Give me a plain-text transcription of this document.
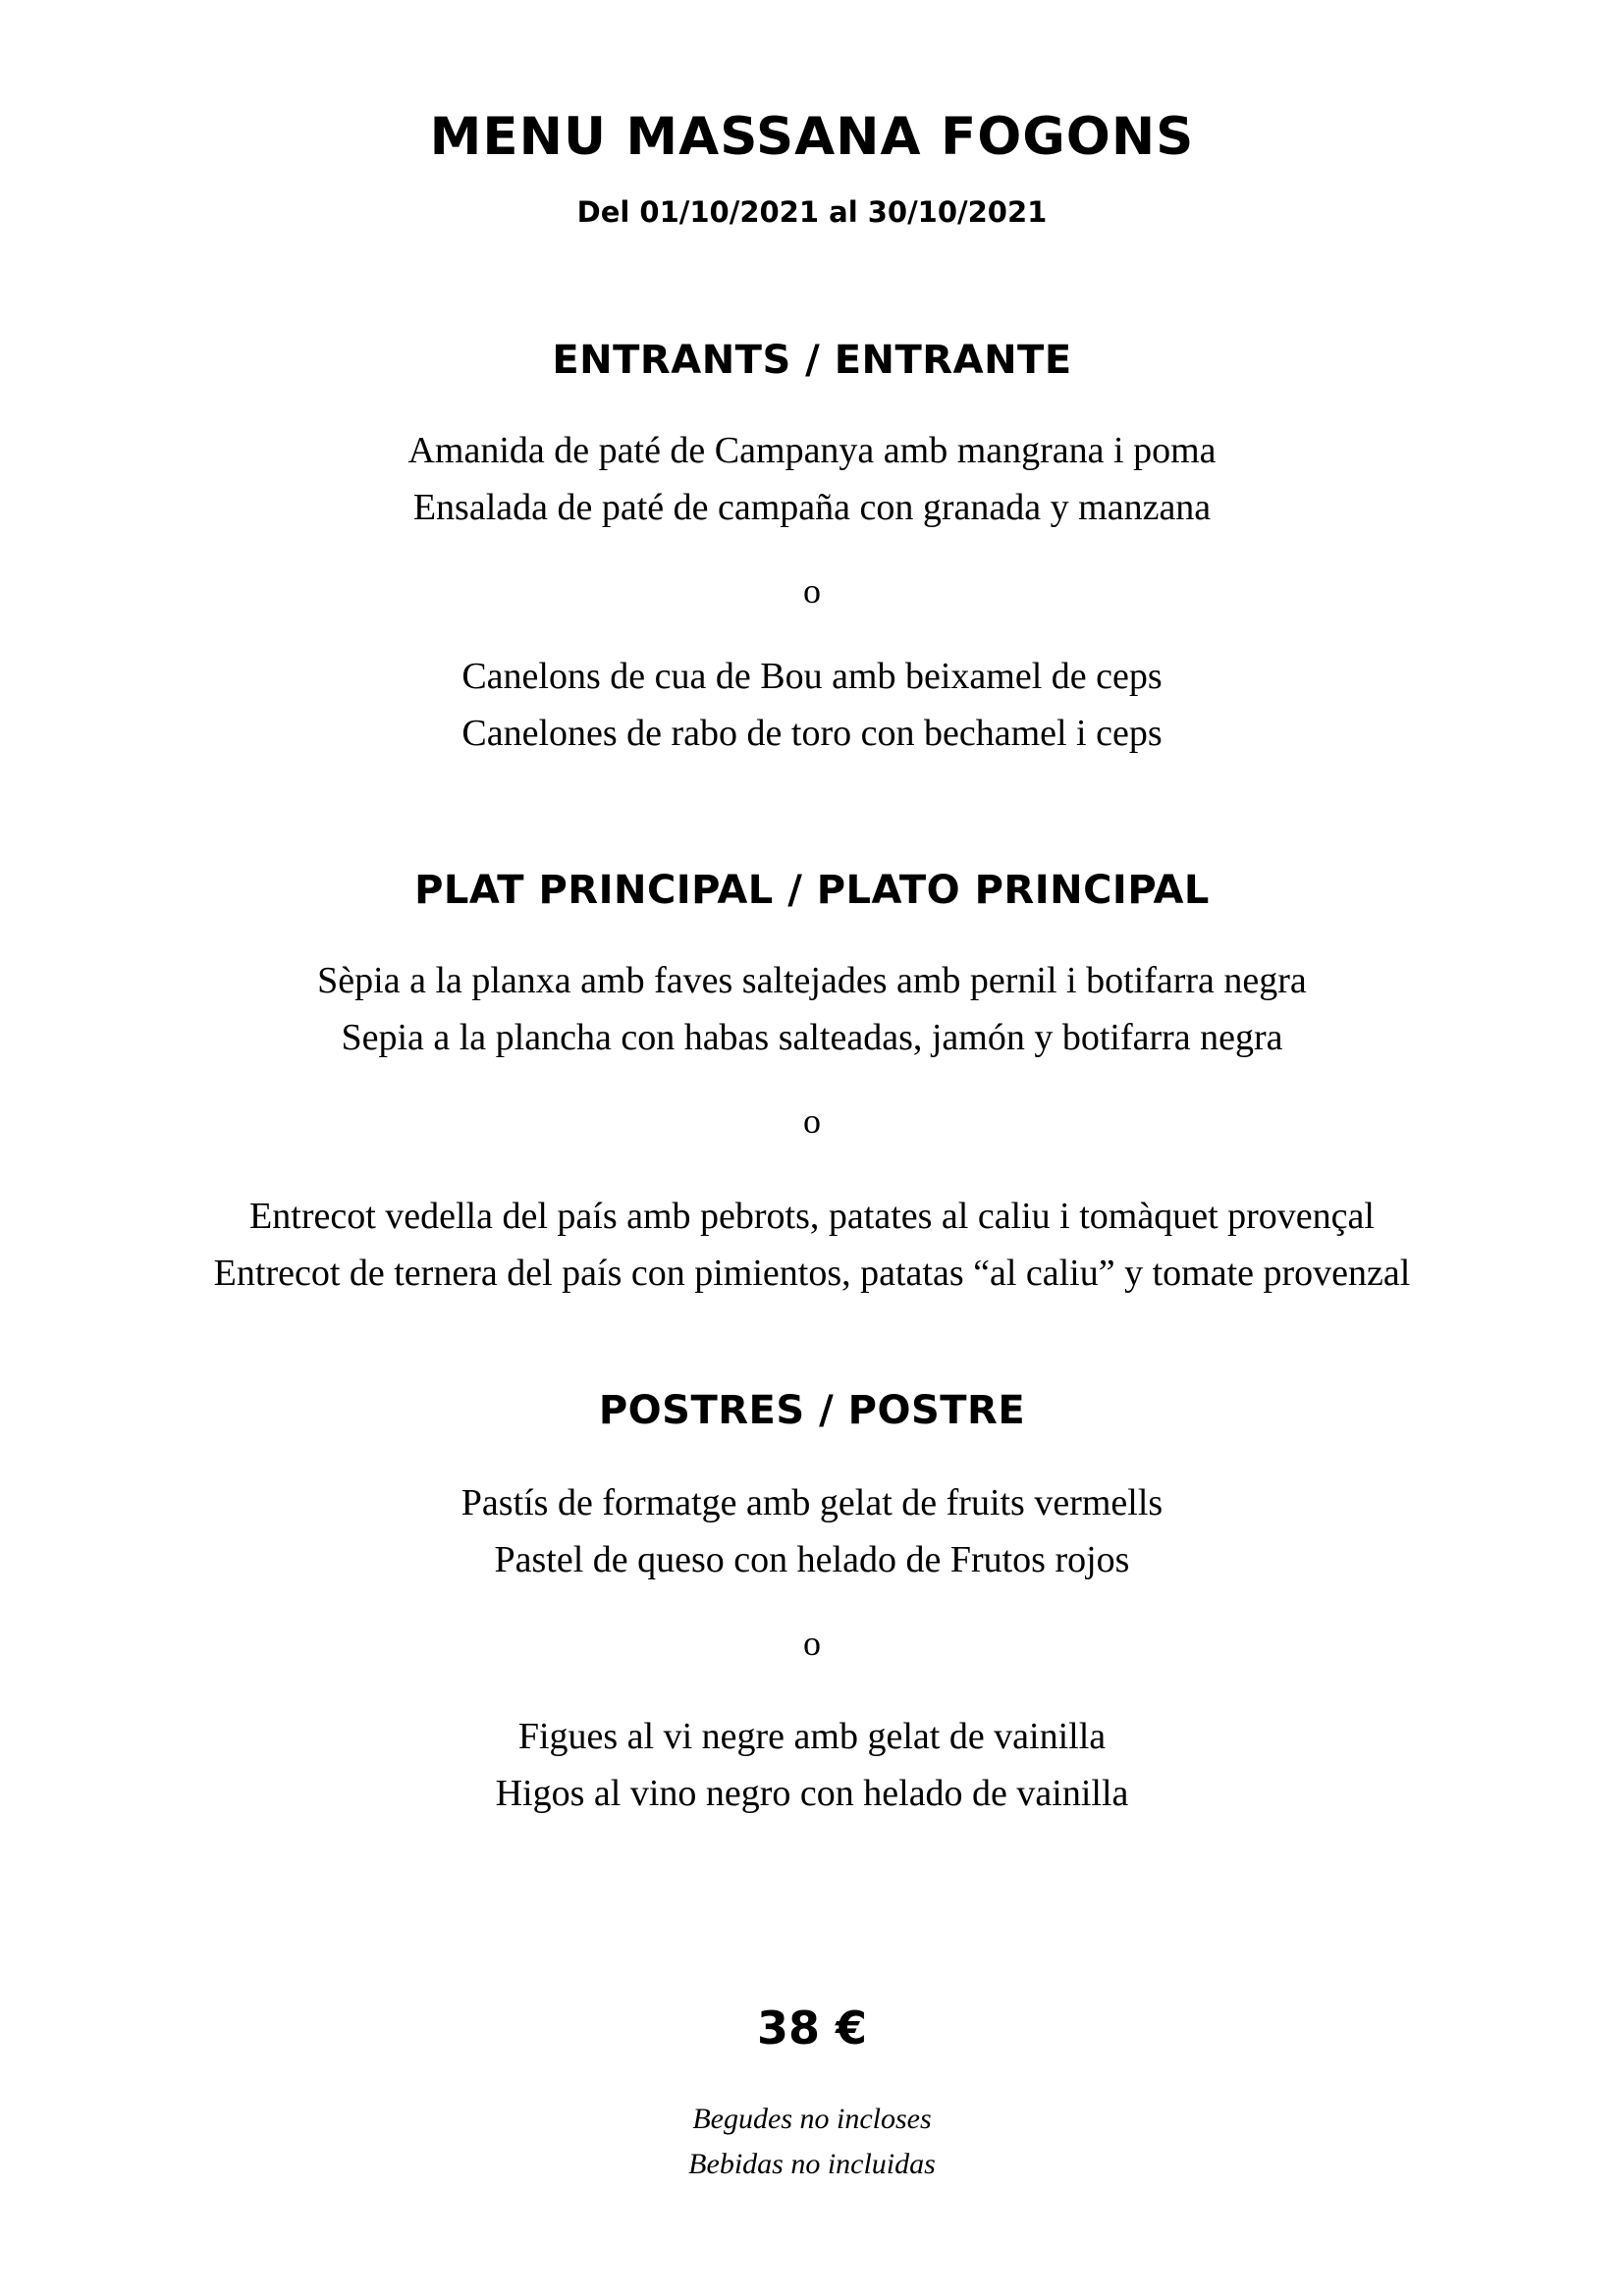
MENU MASSANA FOGONS
Del 01/10/2021 al 30/10/2021
ENTRANTS / ENTRANTE
Amanida de paté de Campanya amb mangrana i poma
Ensalada de paté de campaña con granada y manzana
o
Canelons de cua de Bou amb beixamel de ceps
Canelones de rabo de toro con bechamel i ceps
PLAT PRINCIPAL / PLATO PRINCIPAL
Sèpia a la planxa amb faves saltejades amb pernil i botifarra negra
Sepia a la plancha con habas salteadas, jamón y botifarra negra
o
Entrecot vedella del país amb pebrots, patates al caliu i tomàquet provençal
Entrecot de ternera del país con pimientos, patatas “al caliu” y tomate provenzal
POSTRES / POSTRE
Pastís de formatge amb gelat de fruits vermells
Pastel de queso con helado de Frutos rojos
o
Figues al vi negre amb gelat de vainilla
Higos al vino negro con helado de vainilla
38 €
Begudes no incloses
Bebidas no incluidas
